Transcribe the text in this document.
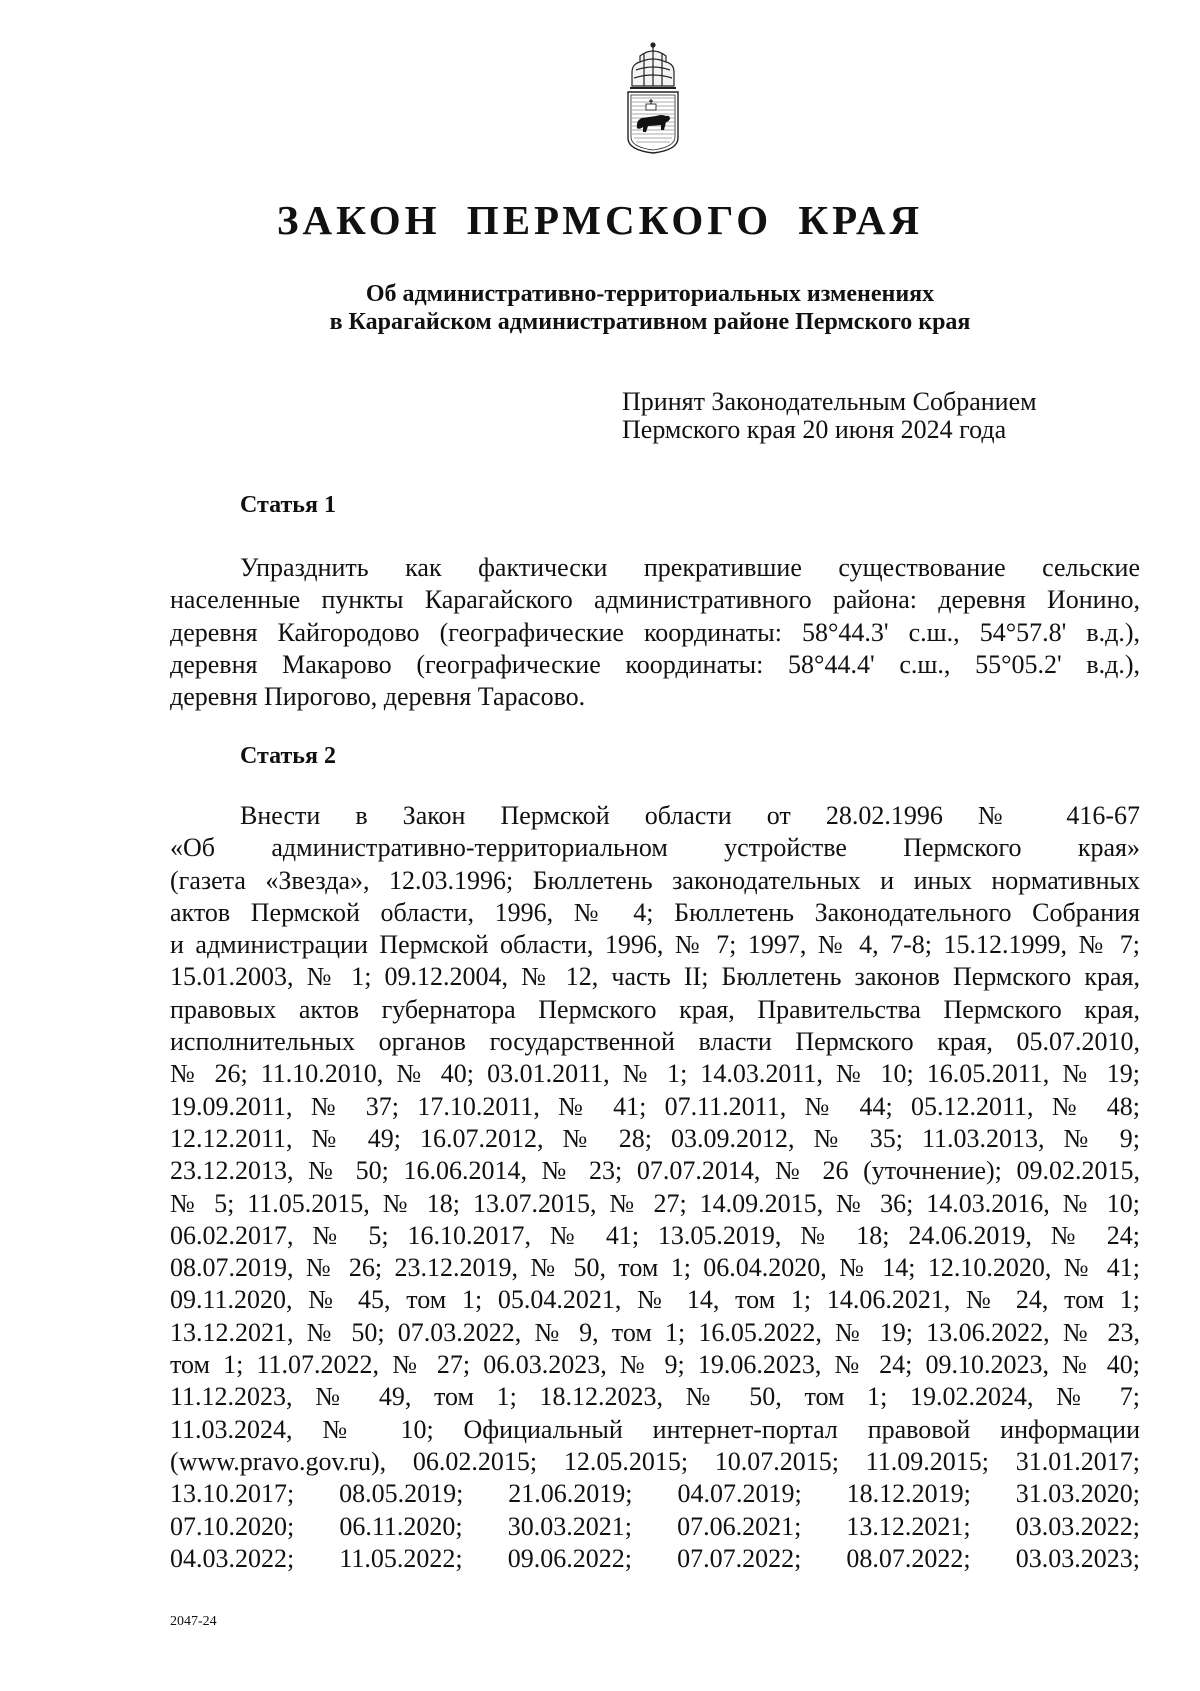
ЗАКОН ПЕРМСКОГО КРАЯ
Об административно-территориальных изменениях
в Карагайском административном районе Пермского края
Принят Законодательным Собранием
Пермского края 20 июня 2024 года
Статья 1
Упразднить как фактически прекратившие существование сельские
населенные пункты Карагайского административного района: деревня Ионино,
деревня Кайгородово (географические координаты: 58°44.3' с.ш., 54°57.8' в.д.),
деревня Макарово (географические координаты: 58°44.4' с.ш., 55°05.2' в.д.),
деревня Пирогово, деревня Тарасово.
Статья 2
Внести в Закон Пермской области от 28.02.1996 № 416-67
«Об административно-территориальном устройстве Пермского края»
(газета «Звезда», 12.03.1996; Бюллетень законодательных и иных нормативных
актов Пермской области, 1996, № 4; Бюллетень Законодательного Собрания
и администрации Пермской области, 1996, № 7; 1997, № 4, 7-8; 15.12.1999, № 7;
15.01.2003, № 1; 09.12.2004, № 12, часть II; Бюллетень законов Пермского края,
правовых актов губернатора Пермского края, Правительства Пермского края,
исполнительных органов государственной власти Пермского края, 05.07.2010,
№ 26; 11.10.2010, № 40; 03.01.2011, № 1; 14.03.2011, № 10; 16.05.2011, № 19;
19.09.2011, № 37; 17.10.2011, № 41; 07.11.2011, № 44; 05.12.2011, № 48;
12.12.2011, № 49; 16.07.2012, № 28; 03.09.2012, № 35; 11.03.2013, № 9;
23.12.2013, № 50; 16.06.2014, № 23; 07.07.2014, № 26 (уточнение); 09.02.2015,
№ 5; 11.05.2015, № 18; 13.07.2015, № 27; 14.09.2015, № 36; 14.03.2016, № 10;
06.02.2017, № 5; 16.10.2017, № 41; 13.05.2019, № 18; 24.06.2019, № 24;
08.07.2019, № 26; 23.12.2019, № 50, том 1; 06.04.2020, № 14; 12.10.2020, № 41;
09.11.2020, № 45, том 1; 05.04.2021, № 14, том 1; 14.06.2021, № 24, том 1;
13.12.2021, № 50; 07.03.2022, № 9, том 1; 16.05.2022, № 19; 13.06.2022, № 23,
том 1; 11.07.2022, № 27; 06.03.2023, № 9; 19.06.2023, № 24; 09.10.2023, № 40;
11.12.2023, № 49, том 1; 18.12.2023, № 50, том 1; 19.02.2024, № 7;
11.03.2024, № 10; Официальный интернет-портал правовой информации
(www.pravo.gov.ru), 06.02.2015; 12.05.2015; 10.07.2015; 11.09.2015; 31.01.2017;
13.10.2017; 08.05.2019; 21.06.2019; 04.07.2019; 18.12.2019; 31.03.2020;
07.10.2020; 06.11.2020; 30.03.2021; 07.06.2021; 13.12.2021; 03.03.2022;
04.03.2022; 11.05.2022; 09.06.2022; 07.07.2022; 08.07.2022; 03.03.2023;
2047-24
